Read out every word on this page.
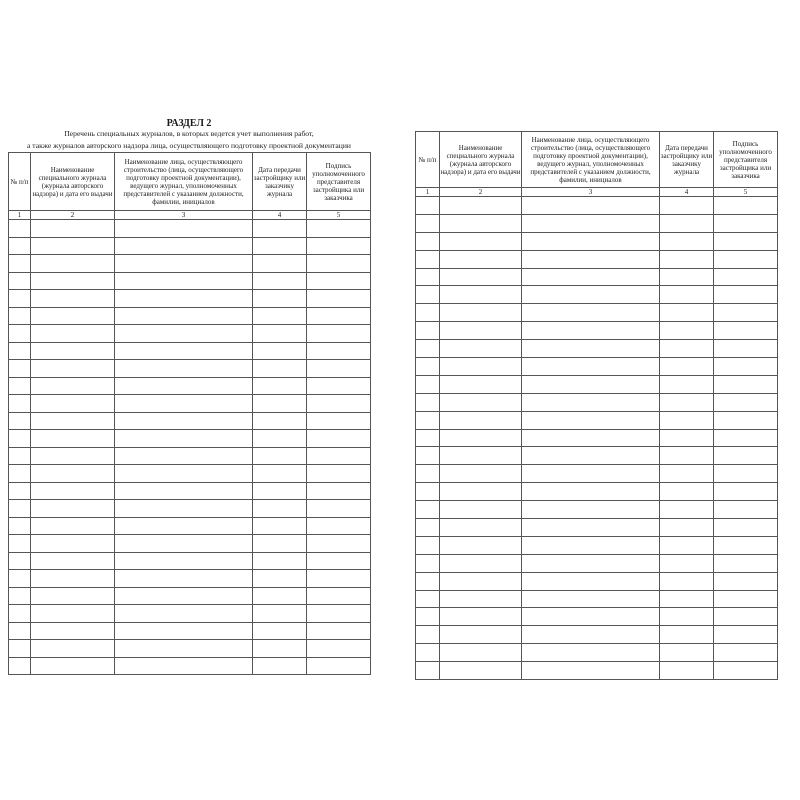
РАЗДЕЛ 2
Перечень специальных журналов, в которых ведется учет выполнения работ,
а также журналов авторского надзора лица, осуществляющего подготовку проектной документации
№ п/п	Наименование специального журнала (журнала авторского надзора) и дата его выдачи	Наименование лица, осуществляющего строительство (лица, осуществляющего подготовку проектной документации), ведущего журнал, уполномоченных представителей с указанием должности, фамилии, инициалов	Дата передачи застройщику или заказчику журнала	Подпись уполномоченного представителя застройщика или заказчика
1	2	3	4	5

№ п/п	Наименование специального журнала (журнала авторского надзора) и дата его выдачи	Наименование лица, осуществляющего строительство (лица, осуществляющего подготовку проектной документации), ведущего журнал, уполномоченных представителей с указанием должности, фамилии, инициалов	Дата передачи застройщику или заказчику журнала	Подпись уполномоченного представителя застройщика или заказчика
1	2	3	4	5
